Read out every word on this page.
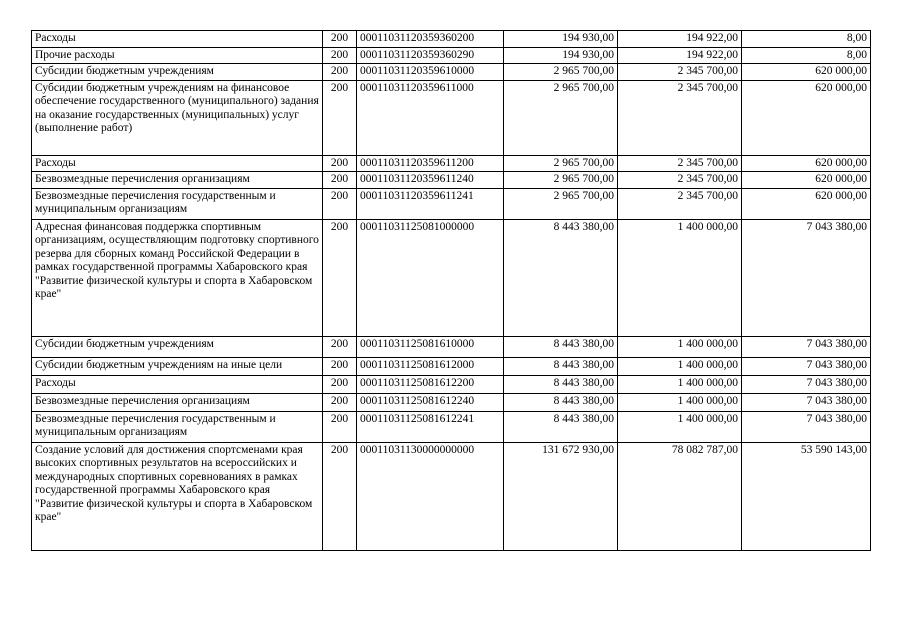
Расходы	200	00011031120359360200	194 930,00	194 922,00	8,00
Прочие расходы	200	00011031120359360290	194 930,00	194 922,00	8,00
Субсидии бюджетным учреждениям	200	00011031120359610000	2 965 700,00	2 345 700,00	620 000,00
Субсидии бюджетным учреждениям на финансовое обеспечение государственного (муниципального) задания на оказание государственных (муниципальных) услуг (выполнение работ)	200	00011031120359611000	2 965 700,00	2 345 700,00	620 000,00
Расходы	200	00011031120359611200	2 965 700,00	2 345 700,00	620 000,00
Безвозмездные перечисления организациям	200	00011031120359611240	2 965 700,00	2 345 700,00	620 000,00
Безвозмездные перечисления государственным и муниципальным организациям	200	00011031120359611241	2 965 700,00	2 345 700,00	620 000,00
Адресная финансовая поддержка спортивным организациям, осуществляющим подготовку спортивного резерва для сборных команд Российской Федерации в рамках государственной программы Хабаровского края "Развитие физической культуры и спорта в Хабаровском крае"	200	00011031125081000000	8 443 380,00	1 400 000,00	7 043 380,00
Субсидии бюджетным учреждениям	200	00011031125081610000	8 443 380,00	1 400 000,00	7 043 380,00
Субсидии бюджетным учреждениям на иные цели	200	00011031125081612000	8 443 380,00	1 400 000,00	7 043 380,00
Расходы	200	00011031125081612200	8 443 380,00	1 400 000,00	7 043 380,00
Безвозмездные перечисления организациям	200	00011031125081612240	8 443 380,00	1 400 000,00	7 043 380,00
Безвозмездные перечисления государственным и муниципальным организациям	200	00011031125081612241	8 443 380,00	1 400 000,00	7 043 380,00
Создание условий для достижения спортсменами края высоких спортивных результатов на всероссийских и международных спортивных соревнованиях в рамках государственной программы Хабаровского края "Развитие физической культуры и спорта в Хабаровском крае"	200	00011031130000000000	131 672 930,00	78 082 787,00	53 590 143,00
